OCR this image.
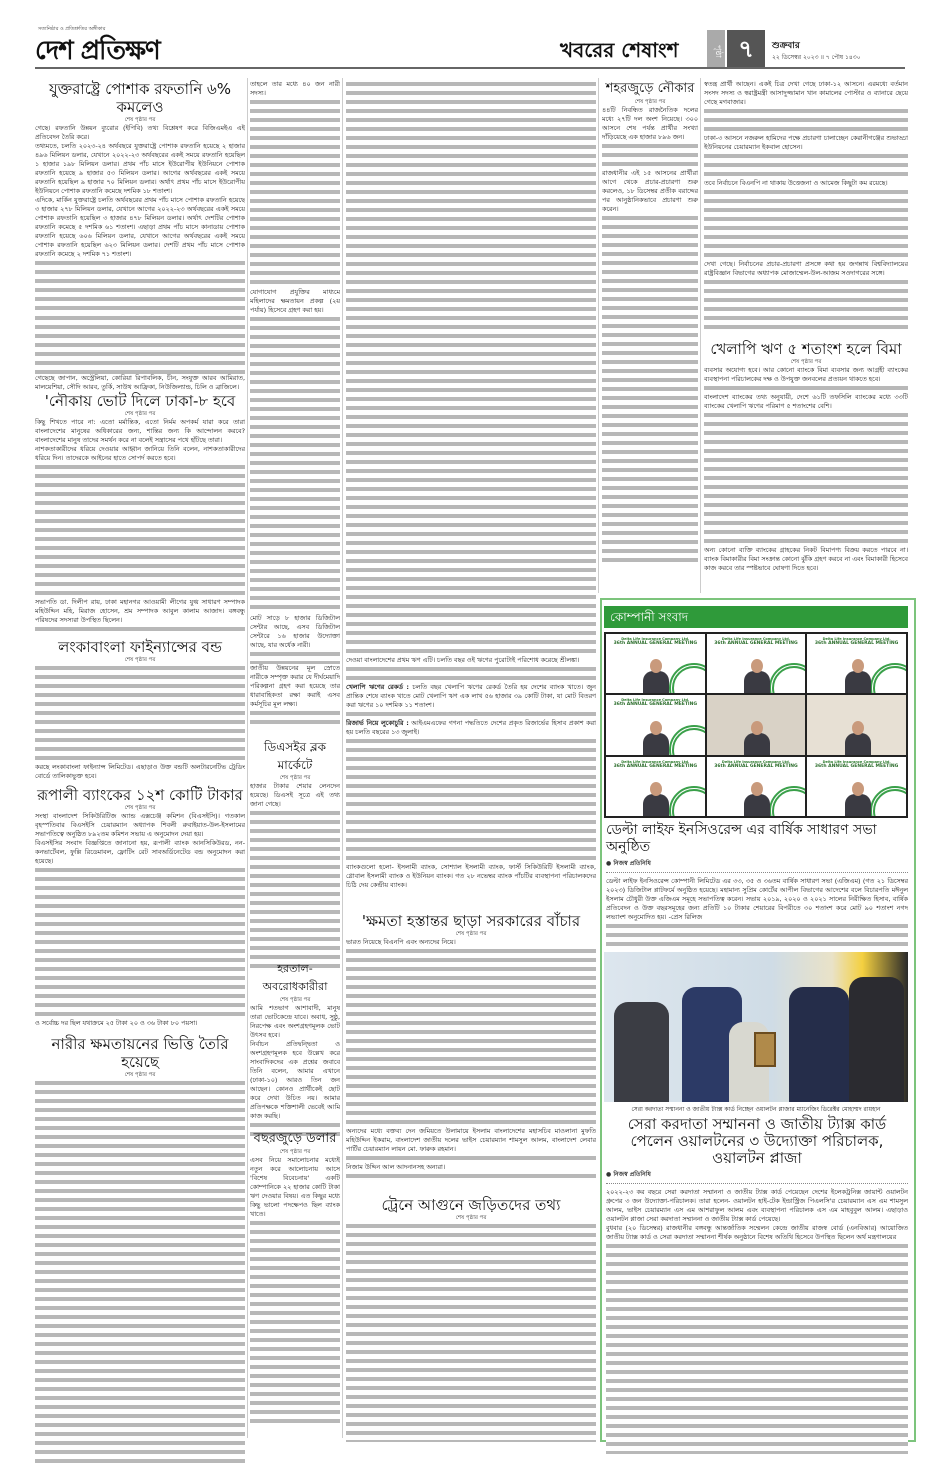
সত্যনিষ্ঠার ও প্রতিশ্রুতির অঙ্গীকার
দেশ প্রতিক্ষণ	খবরের শেষাংশ	পৃষ্ঠা ৭	শুক্রবার
২২ ডিসেম্বর ২০২৩ ॥ ৭ পৌষ ১৪৩০
যুক্তরাষ্ট্রে পোশাক রফতানি ৬% কমলেও
শেষ পৃষ্ঠার পর

গেছে। রফতানি উন্নয়ন ব্যুরোর (ইপিবি) তথ্য বিশ্লেষণ করে বিজিএমইএ এই প্রতিবেদন তৈরি করে।

তথ্যমতে, চলতি ২০২৩-২৪ অর্থবছরে যুক্তরাষ্ট্রে পোশাক রফতানি হয়েছে ২ হাজার ৪৯৬ মিলিয়ন ডলার, যেখানে ২০২২-২৩ অর্থবছরের একই সময়ে রফতানি হয়েছিল ১ হাজার ১৯৮ মিলিয়ন ডলার। প্রথম পাঁচ মাসে ইউরোপীয় ইউনিয়নে পোশাক রফতানি হয়েছে ৯ হাজার ৫৩ মিলিয়ন ডলার। আগের অর্থবছরের একই সময়ে রফতানি হয়েছিল ৯ হাজার ৭০ মিলিয়ন ডলার। অর্থাৎ প্রথম পাঁচ মাসে ইউরোপীয় ইউনিয়নে পোশাক রফতানি কমেছে দশমিক ১৮ শতাংশ।

এদিকে, মার্কিন যুক্তরাষ্ট্রে চলতি অর্থবছরের প্রথম পাঁচ মাসে পোশাক রফতানি হয়েছে ৩ হাজার ২৭৮ মিলিয়ন ডলার, যেখানে আগের ২০২২-২৩ অর্থবছরের একই সময়ে পোশাক রফতানি হয়েছিল ৩ হাজার ৪৭৮ মিলিয়ন ডলার। অর্থাৎ দেশটির পোশাক রফতানি কমেছে ৫ দশমিক ৬১ শতাংশ। এছাড়া প্রথম পাঁচ মাসে কানাডায় পোশাক রফতানি হয়েছে ৬০৬ মিলিয়ন ডলার, যেখানে আগের অর্থবছরের একই সময়ে পোশাক রফতানি হয়েছিল ৬২৩ মিলিয়ন ডলার। দেশটি প্রথম পাঁচ মাসে পোশাক রফতানি কমেছে ২ দশমিক ৭১ শতাংশ।

গেছেছে জাপান, অস্ট্রেলিয়া, কোরিয়া রিপাবলিক, চীন, সংযুক্ত আরব আমিরাত, মালয়েশিয়া, সৌদি আরব, তুর্কি, সাউথ আফ্রিকা, নিউজিল্যান্ড, চিলি ও ব্রাজিলে।

'নৌকায় ভোট দিলে ঢাকা-৮ হবে
শেষ পৃষ্ঠার পর

কিছু শিখতে পারে না: এতো মর্মান্তিক, এতো নির্মম অপকর্ম যারা করে তারা বাংলাদেশের মানুষের অধিকারের জন্য, শান্তির জন্য কি আন্দোলন করবে? বাংলাদেশের মানুষ তাদের সমর্থন করে না বলেই সন্ত্রাসের পথে হাঁটছে তারা।

নাশকতাকারীদের ধরিয়ে দেওয়ার আহ্বান জানিয়ে তিনি বলেন, নাশকতাকারীদের ধরিয়ে দিন। তাদেরকে আইনের হাতে সোপর্দ করতে হবে।

সভাপতি ডা. দিলীপ রায়, ঢাকা মহানগর আওয়ামী লীগের যুগ্ম সাধারণ সম্পাদক মহিউদ্দিন মহি, মিরাজ হোসেন, শ্রম সম্পাদক আবুল কালাম আজাদ। বঙ্গবন্ধু পরিষদের সদস্যরা উপস্থিত ছিলেন।

লংকাবাংলা ফাইন্যান্সের বন্ড
শেষ পৃষ্ঠার পর

করছে লংকাবাংলা ফাইন্যান্স লিমিটেড। এছাড়াও উক্ত বন্ডটি অলটারনেটিভ ট্রেডিং বোর্ডে তালিকাভুক্ত হবে।

রূপালী ব্যাংকের ১২শ কোটি টাকার
শেষ পৃষ্ঠার পর

সংস্থা বাংলাদেশ সিকিউরিটিজ অ্যান্ড এক্সচেঞ্জ কমিশন (বিএসইসি)। গতকাল বৃহস্পতিবার বিএসইসি চেয়ারম্যান অধ্যাপক শিবলী রুবাইয়াত-উল-ইসলামের সভাপতিত্বে অনুষ্ঠিত ৮৯২তম কমিশন সভায় এ অনুমোদন দেয়া হয়।

বিএসইসির সংবাদ বিজ্ঞপ্তিতে জানানো হয়, রূপালী ব্যাংক আনসিকিউরড, নন-কনভার্টেবল, ফুল্লি রিডেমাবল, ফ্লোটিং রেট সাবঅর্ডিনেটেড বন্ড অনুমোদন করা হয়েছে।

ও সর্বোচ্চ দর ছিল যথাক্রমে ২৫ টাকা ২০ ও ৩৬ টাকা ৮০ পয়সা।

নারীর ক্ষমতায়নের ভিত্তি তৈরি হয়েছে
শেষ পৃষ্ঠার পর

তাহলে তার মধ্যে ৪০ জন নারী সদস্য।

যোগাযোগ প্রযুক্তির মাধ্যমে মহিলাদের ক্ষমতায়ন প্রকল্প (২য় পর্যায়) হিসেবে গ্রহণ করা হয়।

মোট সাড়ে ৮ হাজার ডিজিটাল সেন্টার আছে, এসব ডিজিটাল সেন্টারে ১৬ হাজার উদ্যোক্তা আছে, যার অর্ধেক নারী।

জাতীয় উন্নয়নের মূল স্রোতে নারীকে সম্পৃক্ত করার যে দীর্ঘমেয়াদি পরিকল্পনা গ্রহণ করা হয়েছে তার ধারাবাহিকতা রক্ষা করাই এসব কর্মসূচির মূল লক্ষ্য।

ডিএসইর ব্লক মার্কেটে
শেষ পৃষ্ঠার পর

হাজার টাকার শেয়ার লেনদেন হয়েছে। ডিএসই সূত্রে এই তথ্য জানা গেছে।

হরতাল-অবরোধকারীরা
শেষ পৃষ্ঠার পর

আমি শতভাগ আশাবাদী, মানুষ তারা ভোটকেন্দ্রে যাবে। অবাধ, সুষ্ঠু, নিরপেক্ষ এবং অংশগ্রহণমূলক ভোট উৎসব হবে।

নির্বাচন প্রতিদ্বন্দ্বিতা ও অংশগ্রহণমূলক হবে উল্লেখ করে সাংবাদিকদের এক প্রশ্নের জবাবে তিনি বলেন, আমার এখানে (ঢাকা-১০) আরও তিন জন আছেন। কোনও প্রার্থীকেই ছোট করে দেখা উচিত নয়। আমার প্রতিপক্ষকে শক্তিশালী ভেবেই আমি কাজ করছি।

বছরজুড়ে ডলার
শেষ পৃষ্ঠার পর

এসব নিয়ে সমালোচনার মধ্যেই নতুন করে আলোচনায় আসে 'বিশেষ বিবেচনায়' একটি কোম্পানিকে ২২ হাজার কোটি টাকা ঋণ দেওয়ার বিষয়। এত কিছুর মধ্যে কিছু ভালো পদক্ষেপও ছিল ব্যাংক খাতে।

দেওয়া বাংলাদেশের প্রথম ঋণ এটি। চলতি বছর ওই ঋণের পুরোটাই পরিশোধ করেছে শ্রীলঙ্কা।

খেলাপি ঋণের রেকর্ড : চলতি বছর খেলাপি ঋণের রেকর্ড তৈরি হয় দেশের ব্যাংক খাতে। জুন প্রান্তিক শেষে ব্যাংক খাতে মোট খেলাপি ঋণ এক লাখ ৫৬ হাজার ৩৯ কোটি টাকা, যা মোট বিতরণ করা ঋণের ১০ দশমিক ১১ শতাংশ।

রিজার্ভ নিয়ে লুকোচুরি : আইএমএফের গণনা পদ্ধতিতে দেশের প্রকৃত রিজার্ভের হিসাব প্রকাশ করা হয় চলতি বছরের ১৩ জুলাই।

ব্যাংকগুলো হলো- ইসলামী ব্যাংক, সোশ্যাল ইসলামী ব্যাংক, ফার্স্ট সিকিউরিটি ইসলামী ব্যাংক, গ্লোবাল ইসলামী ব্যাংক ও ইউনিয়ন ব্যাংক। গত ২৮ নভেম্বর ব্যাংক পাঁচটির ব্যবস্থাপনা পরিচালকদের চিঠি দেয় কেন্দ্রীয় ব্যাংক।

'ক্ষমতা হস্তান্তর ছাড়া সরকারের বাঁচার
শেষ পৃষ্ঠার পর

ভারত নিয়েছে বিএনপি এবং অন্যদের নিয়ে।

অন্যদের মধ্যে বক্তব্য দেন জমিয়তে উলামায়ে ইসলাম বাংলাদেশের মহাসচিব মাওলানা মুফতি মহিউদ্দিন ইকরাম, বাংলাদেশ জাতীয় দলের ভাইস চেয়ারম্যান শামসুল আলম, বাংলাদেশ লেবার পার্টির চেয়ারম্যান লায়ন মো. ফারুক রহমান।

নিজাম উদ্দিন আল আদনানসহ অন্যরা।

ট্রেনে আগুনে জড়িতদের তথ্য
শেষ পৃষ্ঠার পর
শহরজুড়ে নৌকার
শেষ পৃষ্ঠার পর

৪৪টি নিবন্ধিত রাজনৈতিক দলের মধ্যে ২৭টি দল অংশ নিয়েছে। ৩০০ আসনে শেষ পর্যন্ত প্রার্থীর সংখ্যা দাঁড়িয়েছে এক হাজার ৮৯৬ জন।

রাজধানীর এই ১৫ আসনের প্রার্থীরা আগে থেকে প্রচার-প্রচারণা শুরু করলেও, ১৮ ডিসেম্বর প্রতীক বরাদ্দের পর আনুষ্ঠানিকভাবে প্রচারণা শুরু করেন।

স্বতন্ত্র প্রার্থী আছেন। একই চিত্র দেখা গেছে ঢাকা-১২ আসনে। এরমধ্যে বর্তমান সংসদ সদস্য ও স্বরাষ্ট্রমন্ত্রী আসাদুজ্জামান খান কামালের পোস্টার ও ব্যানারে ছেয়ে গেছে মগবাজার।

ঢাকা-৩ আসনে নজরুল হামিদের পক্ষে প্রচারণা চালাচ্ছেন কেরানীগঞ্জের শুভাড্ডা ইউনিয়নের চেয়ারম্যান ইকবাল হোসেন।

তবে নির্বাচনে বিএনপি না থাকায় উত্তেজনা ও আমেজ কিছুটা কম রয়েছে।

দেখা গেছে। নির্বাচনের প্রচার-প্রচারণা প্রসঙ্গে কথা হয় জগন্নাথ বিশ্ববিদ্যালয়ের রাষ্ট্রবিজ্ঞান বিভাগের অধ্যাপক মোজাম্মেল-উল-আজম সওদাগরের সঙ্গে।

খেলাপি ঋণ ৫ শতাংশ হলে বিমা
শেষ পৃষ্ঠার পর

ব্যবসার অযোগ্য হবে। আর কোনো ব্যাংকে বিমা ব্যবসার জন্য আগ্রহী ব্যাংকের ব্যবস্থাপনা পরিচালকের দক্ষ ও উপযুক্ত জনবলের প্রত্যয়ন থাকতে হবে।

বাংলাদেশ ব্যাংকের তথ্য অনুযায়ী, দেশে ৬১টি তফসিলি ব্যাংকের মধ্যে ৩৩টি ব্যাংকের খেলাপি ঋণের পরিমাণ ৫ শতাংশের বেশি।

অন্য কোনো ব্যক্তি ব্যাংকের গ্রাহকের নিকট বিমাপণ্য বিক্রয় করতে পারবে না। ব্যাংক বিমাকারীর বিমা সংক্রান্ত কোনো ঝুঁকি গ্রহণ করবে না এবং বিমাকারী হিসেবে কাজ করবে তার স্পষ্টভাবে ঘোষণা দিতে হবে।

কোম্পানী সংবাদ
Delta Life Insurance Company Ltd.
36th ANNUAL GENERAL MEETING
Delta Life Insurance Company Ltd.
36th ANNUAL GENERAL MEETING
Delta Life Insurance Company Ltd.
36th ANNUAL GENERAL MEETING
Delta Life Insurance Company Ltd.
36th ANNUAL GENERAL MEETING
Delta Life Insurance Company Ltd.
36th ANNUAL GENERAL MEETING
Delta Life Insurance Company Ltd.
36th ANNUAL GENERAL MEETING
Delta Life Insurance Company Ltd.
36th ANNUAL GENERAL MEETING
ডেল্টা লাইফ ইনসিওরেন্স এর বার্ষিক সাধারণ সভা অনুষ্ঠিত
● নিজস্ব প্রতিনিধি

ডেল্টা লাইফ ইনসিওরেন্স কোম্পানী লিমিটেড এর ৩৩, ৩৫ ও ৩৬তম বার্ষিক সাধারণ সভা (এজিএম) (গত ২১ ডিসেম্বর ২০২৩) ডিজিটাল প্লাটফর্মে অনুষ্ঠিত হয়েছে। মহামান্য সুপ্রিম কোর্টের আপীল বিভাগের আদেশের বলে বিচারপতি মঈনুল ইসলাম চৌধুরী উক্ত এজিএম সমূহে সভাপতিত্ব করেন। সভায় ২০১৯, ২০২০ ও ২০২১ সালের নিরীক্ষিত হিসাব, বার্ষিক প্রতিবেদন ও উক্ত বছরসমূহের জন্য প্রতিটি ১০ টাকার শেয়ারের বিপরীতে ৩০ শতাংশ করে মোট ৯০ শতাংশ নগদ লভ্যাংশ অনুমোদিত হয়। -প্রেস রিলিজ

সেরা করদাতা সম্মাননা ও জাতীয় ট্যাক্স কার্ড নিচ্ছেন ওয়ালটন প্লাজার ম্যানেজিং ডিরেক্টর মোহাম্মদ রায়হান
সেরা করদাতা সম্মাননা ও জাতীয় ট্যাক্স কার্ড পেলেন ওয়ালটনের ৩ উদ্যোক্তা পরিচালক, ওয়ালটন প্লাজা
● নিজস্ব প্রতিনিধি

২০২২-২৩ কর বছরে সেরা করদাতা সম্মাননা ও জাতীয় ট্যাক্স কার্ড পেয়েছেন দেশের ইলেকট্রনিক্স জায়ান্ট ওয়ালটন গ্রুপের ৩ জন উদ্যোক্তা-পরিচালক। তারা হলেন- ওয়ালটন হাই-টেক ইন্ডাস্ট্রিজ পিএলসি'র চেয়ারম্যান এস এম শামসুল আলম, ভাইস চেয়ারম্যান এস এম আশরাফুল আলম এবং ব্যবস্থাপনা পরিচালক এস এম মাহবুবুল আলম। এছাড়াও ওয়ালটন প্লাজা সেরা করদাতা সম্মাননা ও জাতীয় ট্যাক্স কার্ড পেয়েছে।

বুধবার (২০ ডিসেম্বর) রাজধানীর বঙ্গবন্ধু আন্তর্জাতিক সম্মেলন কেন্দ্রে জাতীয় রাজস্ব বোর্ড (এনবিআর) আয়োজিত জাতীয় ট্যাক্স কার্ড ও সেরা করদাতা সম্মাননা শীর্ষক অনুষ্ঠানে বিশেষ অতিথি হিসেবে উপস্থিত ছিলেন অর্থ মন্ত্রণালয়ের
